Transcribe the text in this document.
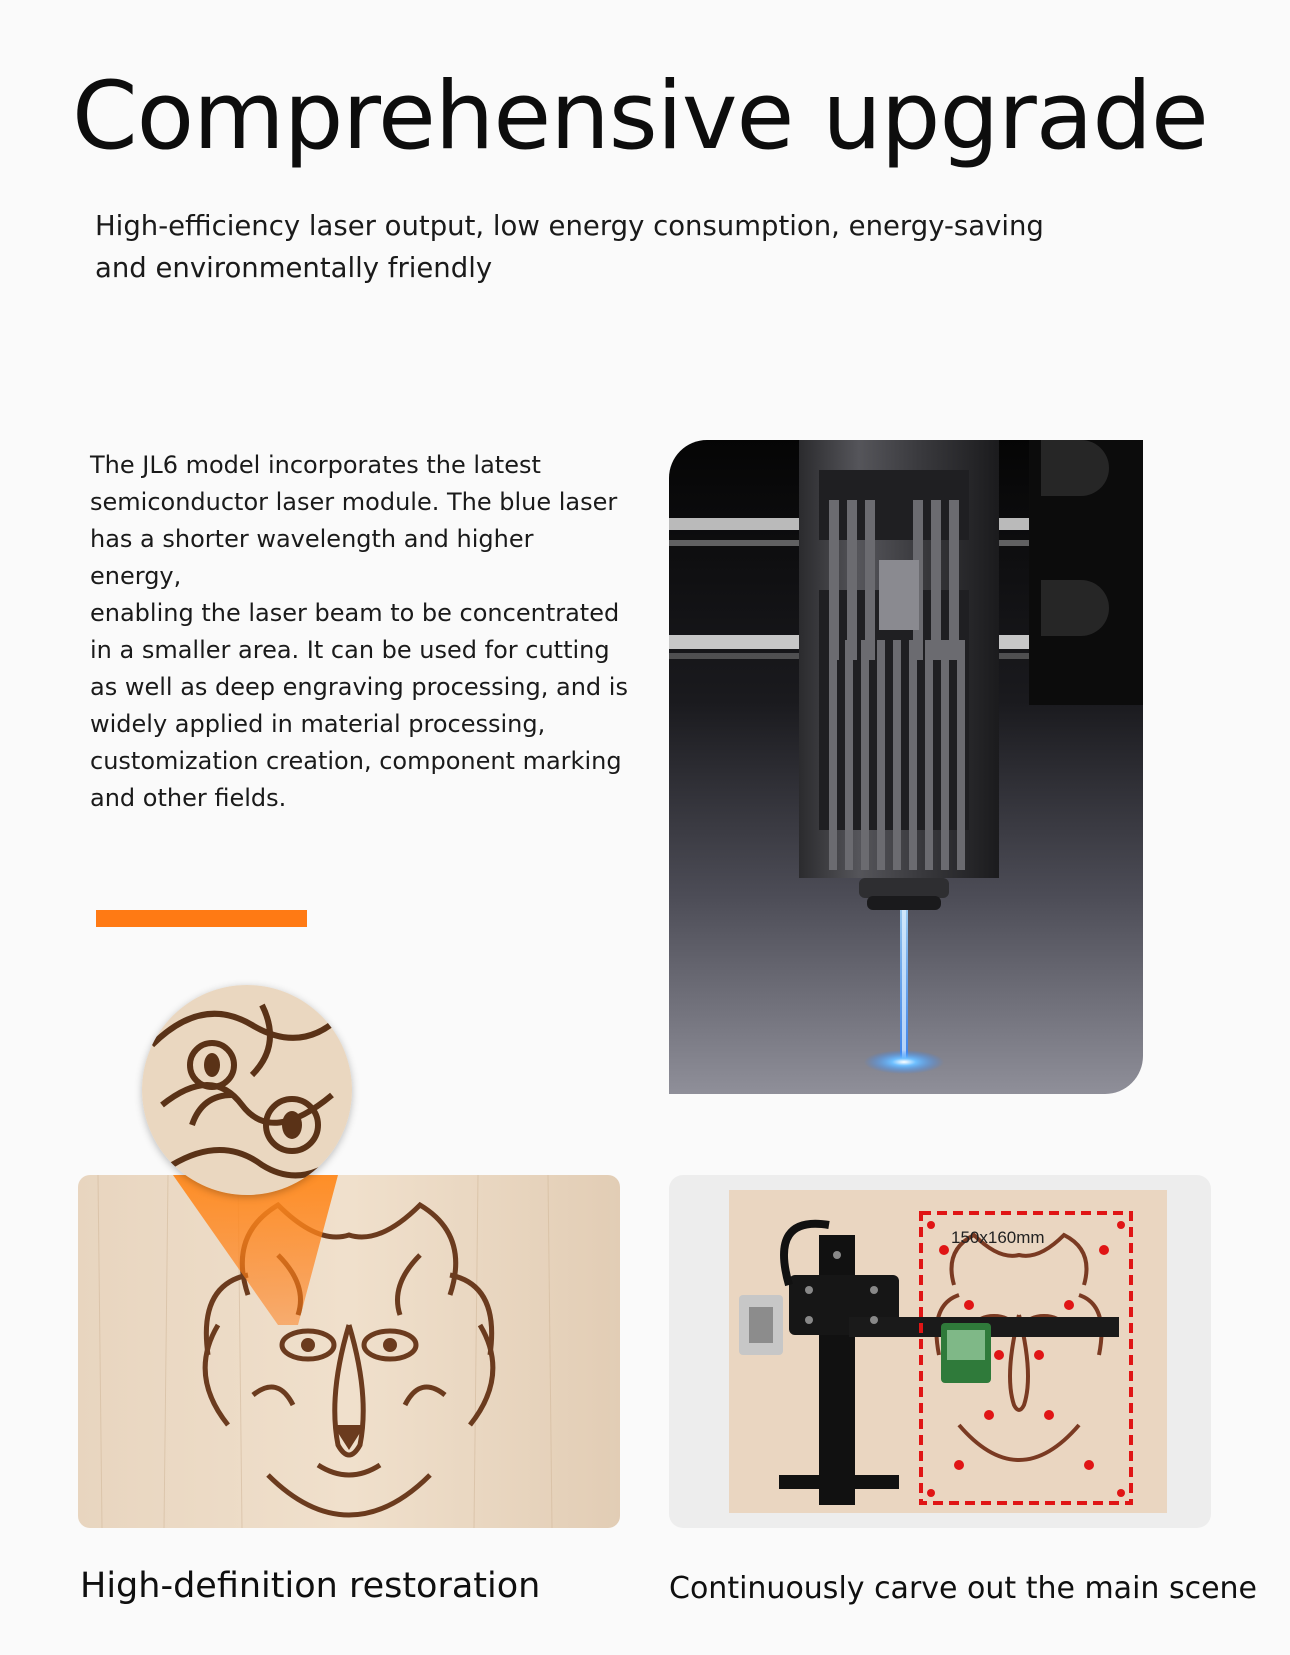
Comprehensive upgrade

High-efficiency laser output, low energy consumption, energy-saving and environmentally friendly

The JL6 model incorporates the latest
semiconductor laser module. The blue laser
has a shorter wavelength and higher energy,
enabling the laser beam to be concentrated
in a smaller area. It can be used for cutting
as well as deep engraving processing, and is
widely applied in material processing,
customization creation, component marking
and other fields.

150x160mm

High-definition restoration	Continuously carve out the main scene
